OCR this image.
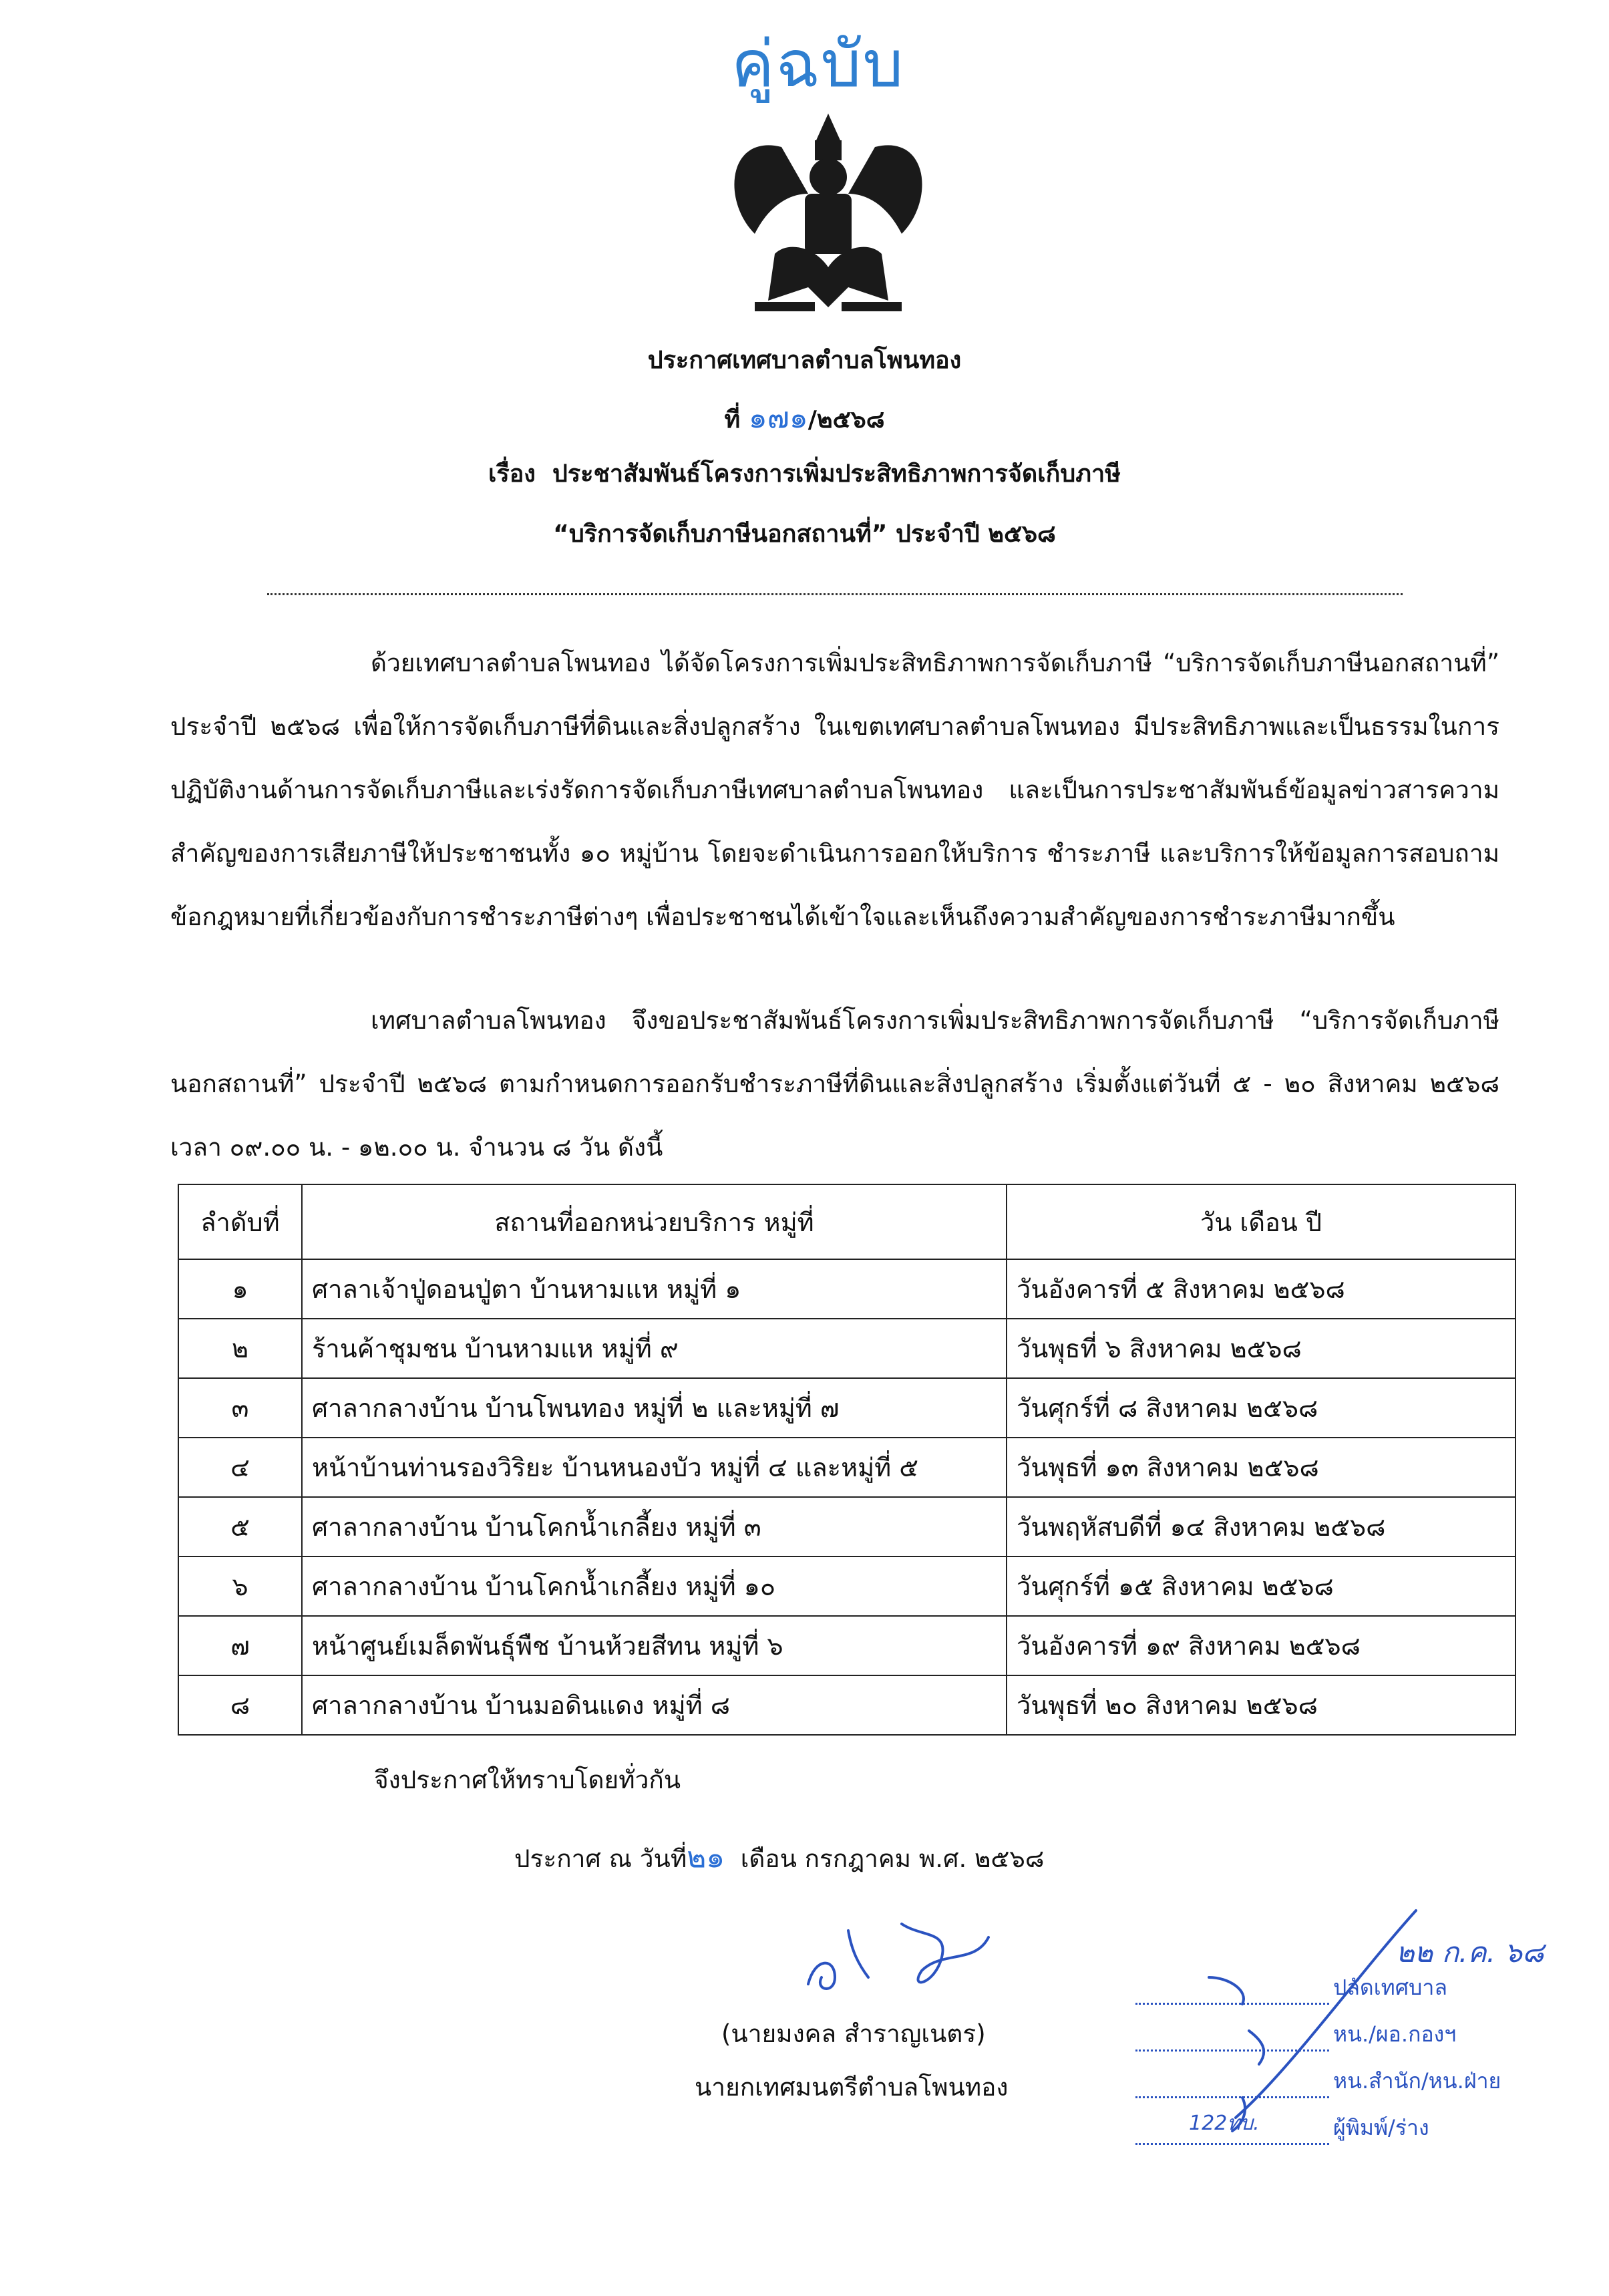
คู่ฉบับ
ประกาศเทศบาลตำบลโพนทอง
ที่ ๑๗๑/๒๕๖๘
เรื่อง ประชาสัมพันธ์โครงการเพิ่มประสิทธิภาพการจัดเก็บภาษี
“บริการจัดเก็บภาษีนอกสถานที่” ประจำปี ๒๕๖๘
ด้วยเทศบาลตำบลโพนทอง ได้จัดโครงการเพิ่มประสิทธิภาพการจัดเก็บภาษี “บริการจัดเก็บภาษีนอกสถานที่” ประจำปี ๒๕๖๘ เพื่อให้การจัดเก็บภาษีที่ดินและสิ่งปลูกสร้าง ในเขตเทศบาลตำบลโพนทอง มีประสิทธิภาพและเป็นธรรมในการปฏิบัติงานด้านการจัดเก็บภาษีและเร่งรัดการจัดเก็บภาษีเทศบาลตำบลโพนทอง และเป็นการประชาสัมพันธ์ข้อมูลข่าวสารความสำคัญของการเสียภาษีให้ประชาชนทั้ง ๑๐ หมู่บ้าน โดยจะดำเนินการออกให้บริการ ชำระภาษี และบริการให้ข้อมูลการสอบถามข้อกฎหมายที่เกี่ยวข้องกับการชำระภาษีต่างๆ เพื่อประชาชนได้เข้าใจและเห็นถึงความสำคัญของการชำระภาษีมากขึ้น
เทศบาลตำบลโพนทอง จึงขอประชาสัมพันธ์โครงการเพิ่มประสิทธิภาพการจัดเก็บภาษี “บริการจัดเก็บภาษีนอกสถานที่” ประจำปี ๒๕๖๘ ตามกำหนดการออกรับชำระภาษีที่ดินและสิ่งปลูกสร้าง เริ่มตั้งแต่วันที่ ๕ - ๒๐ สิงหาคม ๒๕๖๘ เวลา ๐๙.๐๐ น. - ๑๒.๐๐ น. จำนวน ๘ วัน ดังนี้
ลำดับที่	สถานที่ออกหน่วยบริการ หมู่ที่	วัน เดือน ปี
๑	ศาลาเจ้าปู่ดอนปู่ตา บ้านหามแห หมู่ที่ ๑	วันอังคารที่ ๕ สิงหาคม ๒๕๖๘
๒	ร้านค้าชุมชน บ้านหามแห หมู่ที่ ๙	วันพุธที่ ๖ สิงหาคม ๒๕๖๘
๓	ศาลากลางบ้าน บ้านโพนทอง หมู่ที่ ๒ และหมู่ที่ ๗	วันศุกร์ที่ ๘ สิงหาคม ๒๕๖๘
๔	หน้าบ้านท่านรองวิริยะ บ้านหนองบัว หมู่ที่ ๔ และหมู่ที่ ๕	วันพุธที่ ๑๓ สิงหาคม ๒๕๖๘
๕	ศาลากลางบ้าน บ้านโคกน้ำเกลี้ยง หมู่ที่ ๓	วันพฤหัสบดีที่ ๑๔ สิงหาคม ๒๕๖๘
๖	ศาลากลางบ้าน บ้านโคกน้ำเกลี้ยง หมู่ที่ ๑๐	วันศุกร์ที่ ๑๕ สิงหาคม ๒๕๖๘
๗	หน้าศูนย์เมล็ดพันธุ์พืช บ้านห้วยสีทน หมู่ที่ ๖	วันอังคารที่ ๑๙ สิงหาคม ๒๕๖๘
๘	ศาลากลางบ้าน บ้านมอดินแดง หมู่ที่ ๘	วันพุธที่ ๒๐ สิงหาคม ๒๕๖๘
จึงประกาศให้ทราบโดยทั่วกัน
ประกาศ ณ วันที่๒๑ เดือน กรกฎาคม พ.ศ. ๒๕๖๘
(นายมงคล สำราญเนตร)
นายกเทศมนตรีตำบลโพนทอง
๒๒ ก.ค. ๖๘
ปลัดเทศบาล
หน./ผอ.กองฯ
หน.สำนัก/หน.ฝ่าย
ผู้พิมพ์/ร่าง
122ทบ.
